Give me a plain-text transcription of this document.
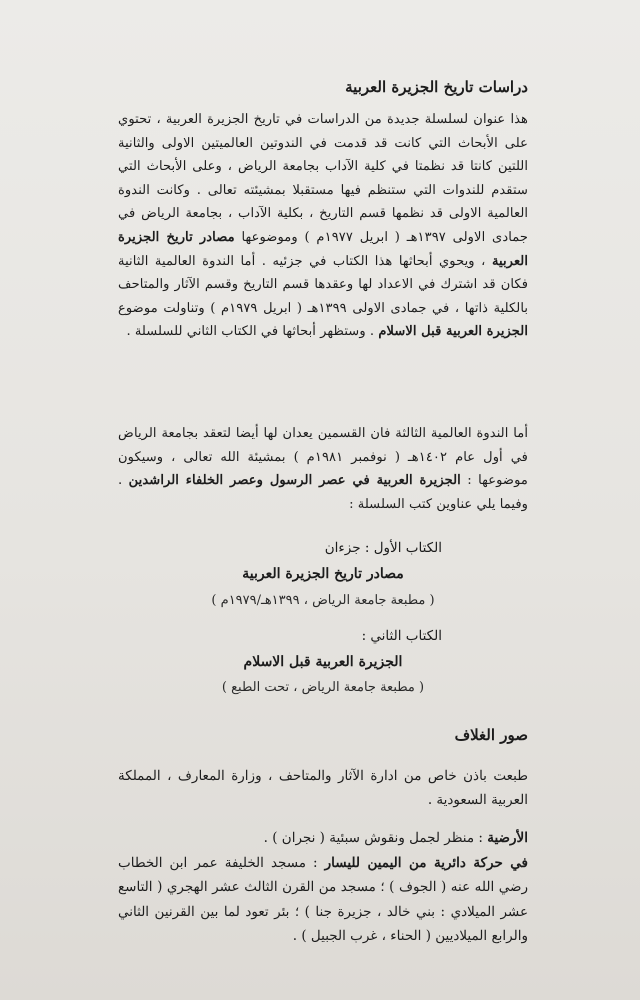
دراسات تاريخ الجزيرة العربية

هذا عنوان لسلسلة جديدة من الدراسات في تاريخ الجزيرة العربية ، تحتوي على الأبحاث التي كانت قد قدمت في الندوتين العالميتين الاولى والثانية اللتين كانتا قد نظمتا في كلية الآداب بجامعة الرياض ، وعلى الأبحاث التي ستقدم للندوات التي ستنظم فيها مستقبلا بمشيئته تعالى . وكانت الندوة العالمية الاولى قد نظمها قسم التاريخ ، بكلية الآداب ، بجامعة الرياض في جمادى الاولى ١٣٩٧هـ ( ابريل ١٩٧٧م ) وموضوعها مصادر تاريخ الجزيرة العربية ، ويحوي أبحاثها هذا الكتاب في جزئيه . أما الندوة العالمية الثانية فكان قد اشترك في الاعداد لها وعقدها قسم التاريخ وقسم الآثار والمتاحف بالكلية ذاتها ، في جمادى الاولى ١٣٩٩هـ ( ابريل ١٩٧٩م ) وتناولت موضوع الجزيرة العربية قبل الاسلام . وستظهر أبحاثها في الكتاب الثاني للسلسلة .

أما الندوة العالمية الثالثة فان القسمين يعدان لها أيضا لتعقد بجامعة الرياض في أول عام ١٤٠٢هـ ( نوفمبر ١٩٨١م ) بمشيئة الله تعالى ، وسيكون موضوعها : الجزيرة العربية في عصر الرسول وعصر الخلفاء الراشدين . وفيما يلي عناوين كتب السلسلة :

الكتاب الأول : جزءان
مصادر تاريخ الجزيرة العربية
( مطبعة جامعة الرياض ، ١٣٩٩هـ/١٩٧٩م )
الكتاب الثاني :
الجزيرة العربية قبل الاسلام
( مطبعة جامعة الرياض ، تحت الطبع )
صور الغلاف
طبعت باذن خاص من ادارة الآثار والمتاحف ، وزارة المعارف ، المملكة العربية السعودية .

الأرضية : منظر لجمل ونقوش سبئية ( نجران ) .

في حركة دائرية من اليمين لليسار : مسجد الخليفة عمر ابن الخطاب رضي الله عنه ( الجوف ) ؛ مسجد من القرن الثالث عشر الهجري ( التاسع عشر الميلادي : بني خالد ، جزيرة جنا ) ؛ بئر تعود لما بين القرنين الثاني والرابع الميلاديين ( الحناء ، غرب الجبيل ) .
